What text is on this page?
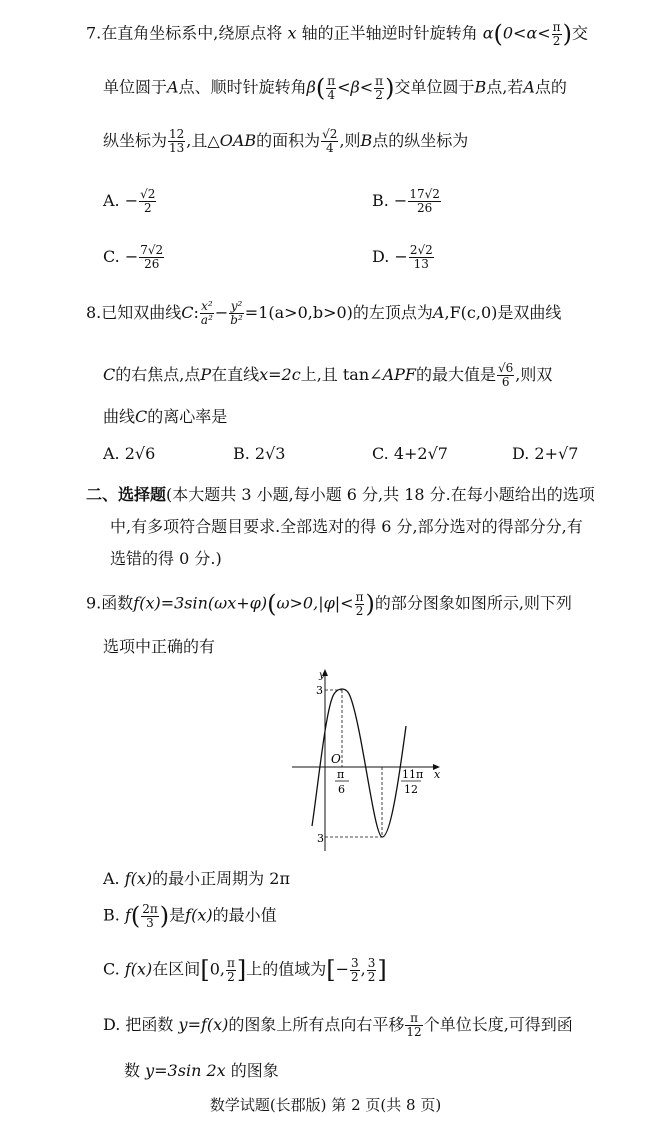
7.在直角坐标系中,绕原点将 x 轴的正半轴逆时针旋转角 $\alpha(0<\alpha< \frac{\pi}{2}$ )交
单位圆于A点、顺时针旋转角$\beta( \frac{\pi}{4} <\beta< \frac{\pi}{2}$ )交单位圆于B点,若A点的
纵坐标为 $\frac{12}{13}$ ,且△OAB的面积为 $\frac{√2}{4}$ ,则B点的纵坐标为
A. − $\frac{√2}{2}$	B. − $\frac{17√2}{26}$
C. − $\frac{7√2}{26}$	D. − $\frac{2√2}{13}$
8.已知双曲线C: $\frac{\text{x²}}{\text{a²}} - \frac{\text{y²}}{\text{b²}} =1(a>0,b>0)$的左顶点为A,F(c,0)是双曲线
C的右焦点,点P在直线x=2c上,且 tan∠APF的最大值是 $\frac{√6}{6}$ ,则双
曲线C的离心率是
A. 2√6	B. 2√3	C. 4+2√7	D. 2+√7
二、选择题(本大题共 3 小题,每小题 6 分,共 18 分.在每小题给出的选项
中,有多项符合题目要求.全部选对的得 6 分,部分选对的得部分分,有
选错的得 0 分.)
9.函数$f(x)=3\sin(\omega x+\varphi)(\omega>0,|\varphi|< \frac{\pi}{2}$ )的部分图象如图所示,则下列
选项中正确的有
y
x
O
3
3
π
6
11π
12
A. f(x)的最小正周期为 2π
B. $f( \frac{2\pi}{3}$ )是f(x)的最小值
C. f(x)在区间[0, $\frac{\pi}{2}$ ]上的值域为[− $\frac{3}{2}$ , $\frac{3}{2}$ ]
D. 把函数 y=f(x)的图象上所有点向右平移 $\frac{\pi}{12}$ 个单位长度,可得到函
数 y=3sin 2x 的图象
数学试题(长郡版) 第 2 页(共 8 页)
